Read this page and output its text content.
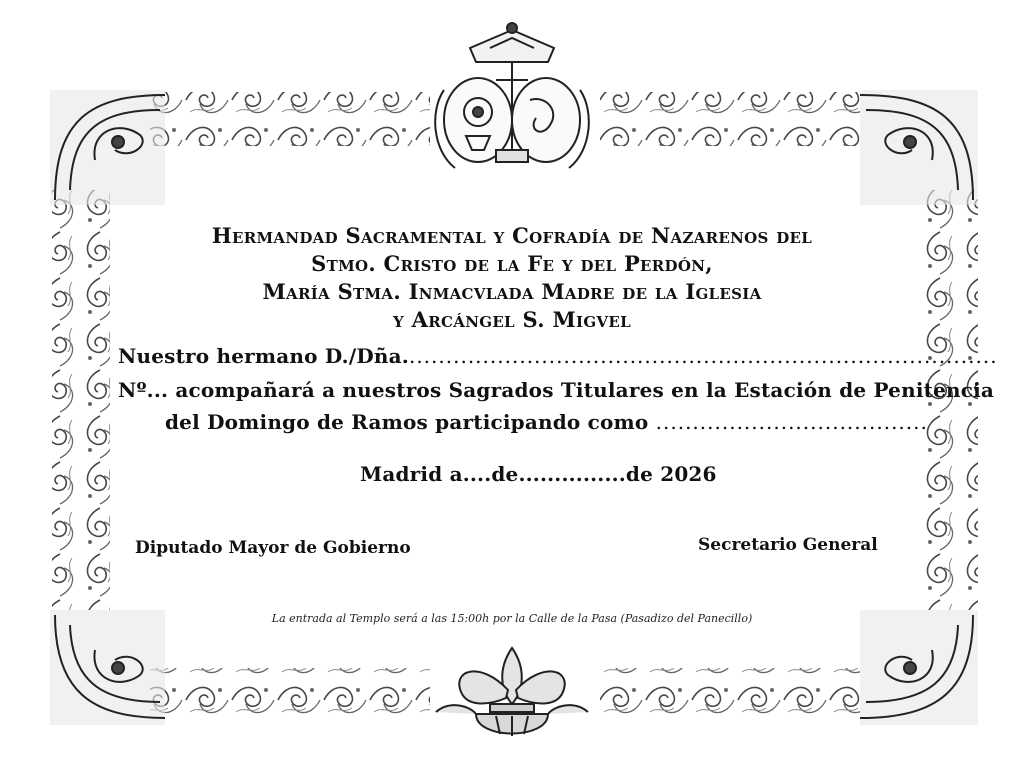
Hermandad Sacramental y Cofradía de Nazarenos del
Stmo. Cristo de la Fe y del Perdón,
María Stma. Inmacvlada Madre de la Iglesia
y Arcángel S. Migvel
Nuestro hermano D./Dña.................................................................................
Nº... acompañará a nuestros Sagrados Titulares en la Estación de Penitencia
del Domingo de Ramos participando como .....................................
Madrid a....de...............de 2026
Diputado Mayor de Gobierno	Secretario General
La entrada al Templo será a las 15:00h por la Calle de la Pasa (Pasadizo del Panecillo)
